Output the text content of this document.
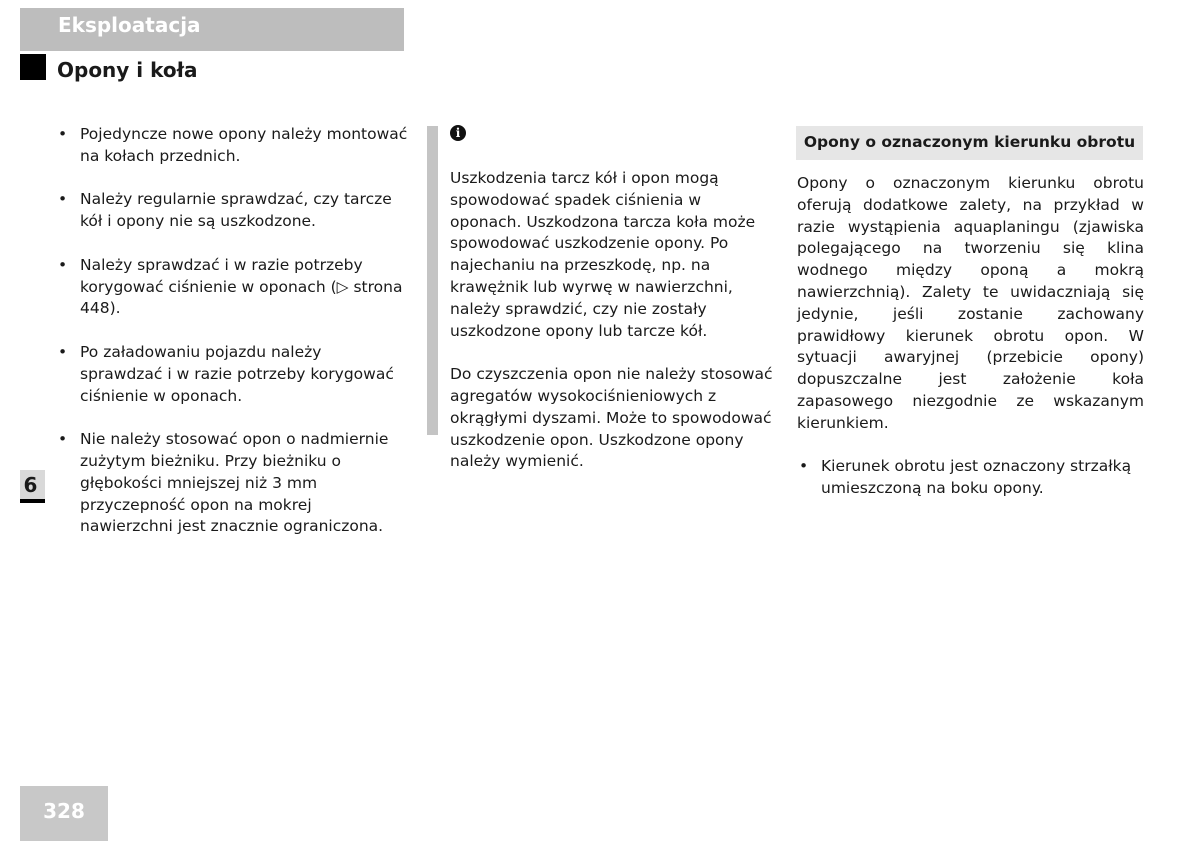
Eksploatacja
Opony i koła
• Pojedyncze nowe opony należy montować na kołach przednich.
• Należy regularnie sprawdzać, czy tarcze kół i opony nie są uszkodzone.
• Należy sprawdzać i w razie potrzeby korygować ciśnienie w oponach (▷ strona 448).
• Po załadowaniu pojazdu należy sprawdzać i w razie potrzeby korygować ciśnienie w oponach.
• Nie należy stosować opon o nadmiernie zużytym bieżniku. Przy bieżniku o głębokości mniejszej niż 3 mm przyczepność opon na mokrej nawierzchni jest znacznie ograniczona.
i

Uszkodzenia tarcz kół i opon mogą spowodować spadek ciśnienia w oponach. Uszkodzona tarcza koła może spowodować uszkodzenie opony. Po najechaniu na przeszkodę, np. na krawężnik lub wyrwę w nawierzchni, należy sprawdzić, czy nie zostały uszkodzone opony lub tarcze kół.

Do czyszczenia opon nie należy stosować agregatów wysokociśnieniowych z okrągłymi dyszami. Może to spowodować uszkodzenie opon. Uszkodzone opony należy wymienić.

Opony o oznaczonym kierunku obrotu

Opony o oznaczonym kierunku obrotu oferują dodatkowe zalety, na przykład w razie wystąpienia aquaplaningu (zjawiska polegającego na tworzeniu się klina wodnego między oponą a mokrą nawierzchnią). Zalety te uwidaczniają się jedynie, jeśli zostanie zachowany prawidłowy kierunek obrotu opon. W sytuacji awaryjnej (przebicie opony) dopuszczalne jest założenie koła zapasowego niezgodnie ze wskazanym kierunkiem.

• Kierunek obrotu jest oznaczony strzałką umieszczoną na boku opony.
6
328
